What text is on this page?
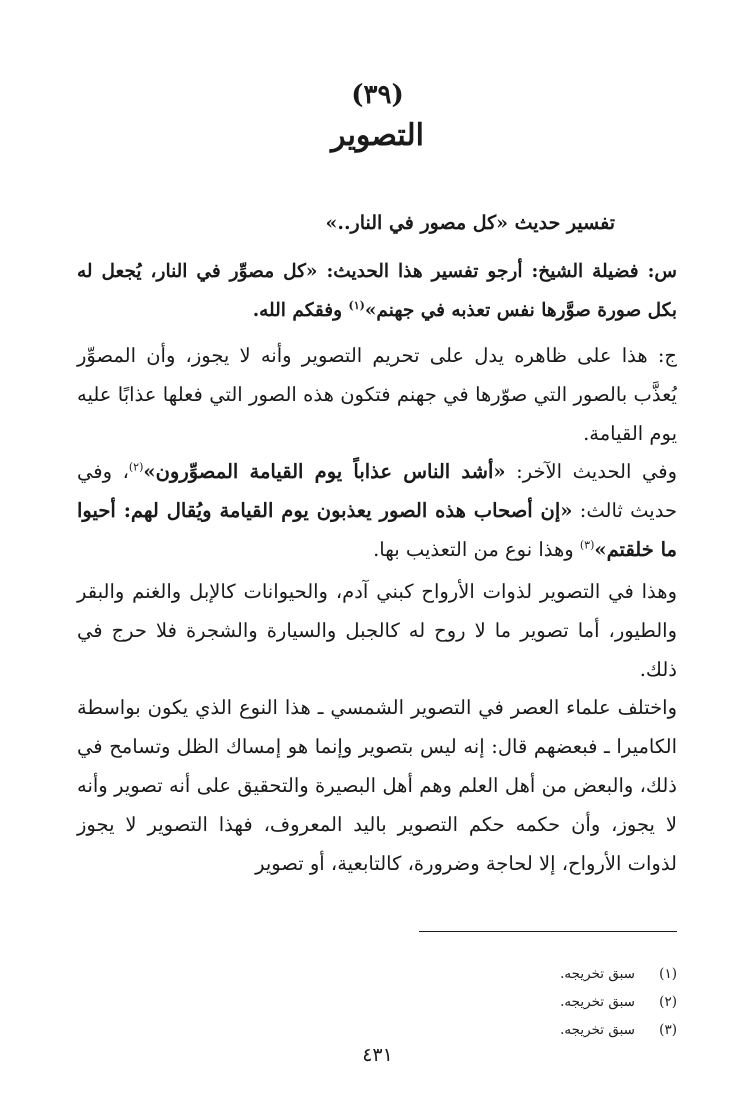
(٣٩)
التصوير
تفسير حديث «كل مصور في النار..»
س: فضيلة الشيخ: أرجو تفسير هذا الحديث: «كل مصوِّر في النار، يُجعل له بكل صورة صوَّرها نفس تعذبه في جهنم»$^{(١)}$ وفقكم الله.
ج: هذا على ظاهره يدل على تحريم التصوير وأنه لا يجوز، وأن المصوِّر يُعذَّب بالصور التي صوّرها في جهنم فتكون هذه الصور التي فعلها عذابًا عليه يوم القيامة.
وفي الحديث الآخر: «أشد الناس عذاباً يوم القيامة المصوِّرون»$^{(٢)}$، وفي حديث ثالث: «إن أصحاب هذه الصور يعذبون يوم القيامة ويُقال لهم: أحيوا ما خلقتم»$^{(٣)}$ وهذا نوع من التعذيب بها.
وهذا في التصوير لذوات الأرواح كبني آدم، والحيوانات كالإبل والغنم والبقر والطيور، أما تصوير ما لا روح له كالجبل والسيارة والشجرة فلا حرج في ذلك.
واختلف علماء العصر في التصوير الشمسي ـ هذا النوع الذي يكون بواسطة الكاميرا ـ فبعضهم قال: إنه ليس بتصوير وإنما هو إمساك الظل وتسامح في ذلك، والبعض من أهل العلم وهم أهل البصيرة والتحقيق على أنه تصوير وأنه لا يجوز، وأن حكمه حكم التصوير باليد المعروف، فهذا التصوير لا يجوز لذوات الأرواح، إلا لحاجة وضرورة، كالتابعية، أو تصوير
(١)
سبق تخريجه.
(٢)
سبق تخريجه.
(٣)
سبق تخريجه.
٤٣١
